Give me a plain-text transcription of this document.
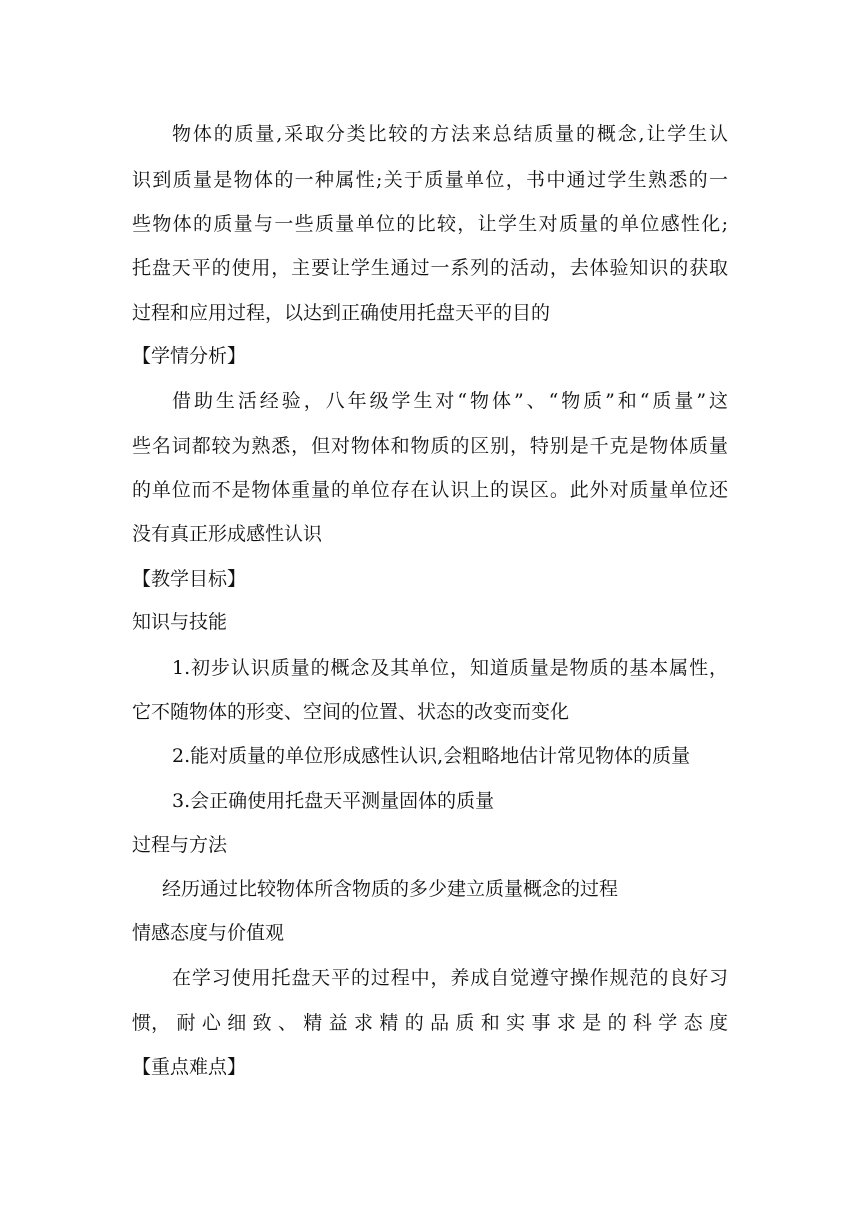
物体的质量,采取分类比较的方法来总结质量的概念,让学生认
识到质量是物体的一种属性;关于质量单位，书中通过学生熟悉的一
些物体的质量与一些质量单位的比较，让学生对质量的单位感性化;
托盘天平的使用，主要让学生通过一系列的活动，去体验知识的获取
过程和应用过程，以达到正确使用托盘天平的目的
【学情分析】
借助生活经验，八年级学生对“物体”、“物质”和“质量”这
些名词都较为熟悉，但对物体和物质的区别，特别是千克是物体质量
的单位而不是物体重量的单位存在认识上的误区。此外对质量单位还
没有真正形成感性认识
【教学目标】
知识与技能
1.初步认识质量的概念及其单位，知道质量是物质的基本属性，
它不随物体的形变、空间的位置、状态的改变而变化
2.能对质量的单位形成感性认识,会粗略地估计常见物体的质量
3.会正确使用托盘天平测量固体的质量
过程与方法
经历通过比较物体所含物质的多少建立质量概念的过程
情感态度与价值观
在学习使用托盘天平的过程中，养成自觉遵守操作规范的良好习
惯， 耐 心 细 致 、 精 益 求 精 的 品 质 和 实 事 求 是 的 科 学 态 度
【重点难点】
